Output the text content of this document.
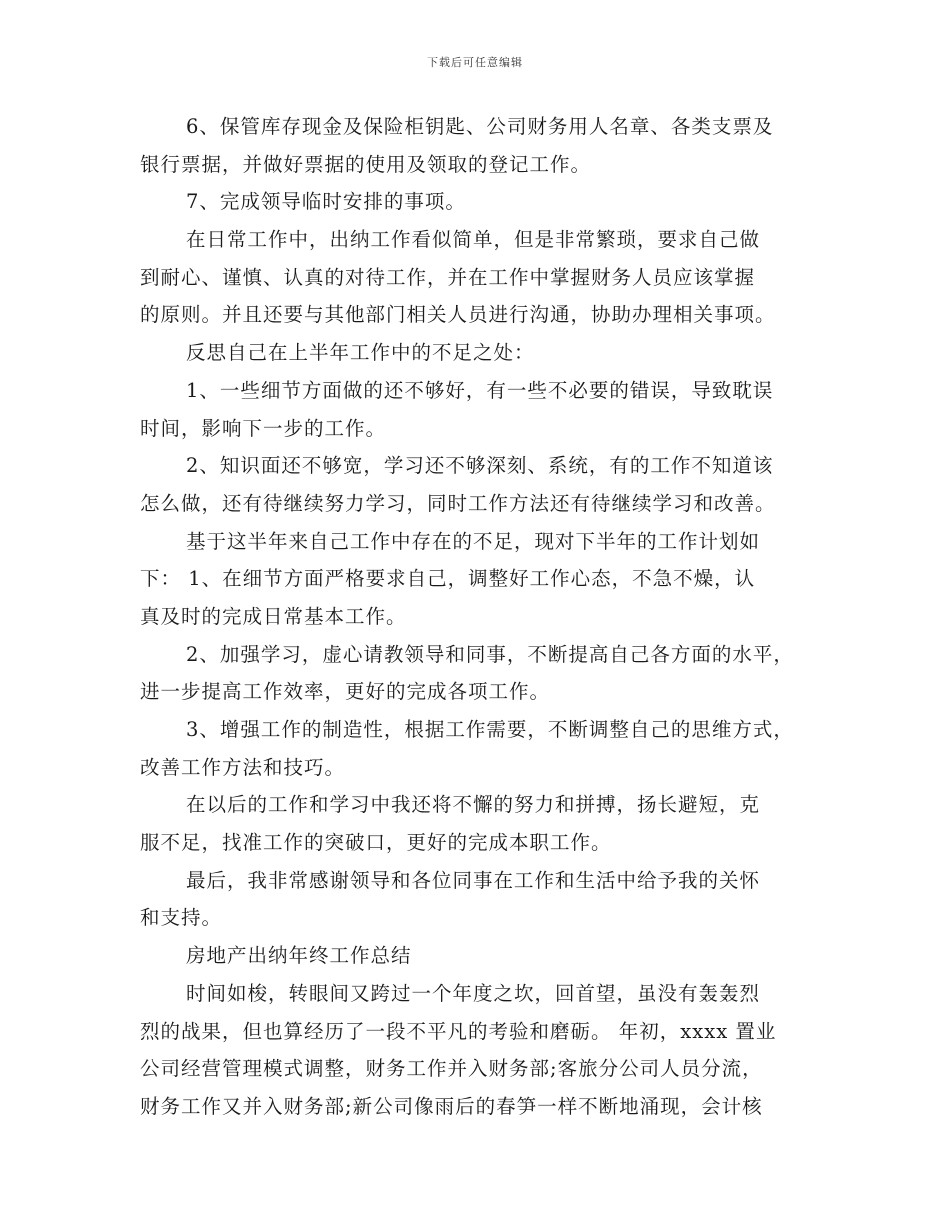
下载后可任意编辑
6、保管库存现金及保险柜钥匙、公司财务用人名章、各类支票及
银行票据，并做好票据的使用及领取的登记工作。
7、完成领导临时安排的事项。
在日常工作中，出纳工作看似简单，但是非常繁琐，要求自己做
到耐心、谨慎、认真的对待工作，并在工作中掌握财务人员应该掌握
的原则。并且还要与其他部门相关人员进行沟通，协助办理相关事项。
反思自己在上半年工作中的不足之处：
1、一些细节方面做的还不够好，有一些不必要的错误，导致耽误
时间，影响下一步的工作。
2、知识面还不够宽，学习还不够深刻、系统，有的工作不知道该
怎么做，还有待继续努力学习，同时工作方法还有待继续学习和改善。
基于这半年来自己工作中存在的不足，现对下半年的工作计划如
下： 1、在细节方面严格要求自己，调整好工作心态，不急不燥，认
真及时的完成日常基本工作。
2、加强学习，虚心请教领导和同事，不断提高自己各方面的水平，
进一步提高工作效率，更好的完成各项工作。
3、增强工作的制造性，根据工作需要，不断调整自己的思维方式，
改善工作方法和技巧。
在以后的工作和学习中我还将不懈的努力和拼搏，扬长避短，克
服不足，找准工作的突破口，更好的完成本职工作。
最后，我非常感谢领导和各位同事在工作和生活中给予我的关怀
和支持。
房地产出纳年终工作总结
时间如梭，转眼间又跨过一个年度之坎，回首望，虽没有轰轰烈
烈的战果，但也算经历了一段不平凡的考验和磨砺。 年初，xxxx 置业
公司经营管理模式调整，财务工作并入财务部;客旅分公司人员分流，
财务工作又并入财务部;新公司像雨后的春笋一样不断地涌现，会计核
